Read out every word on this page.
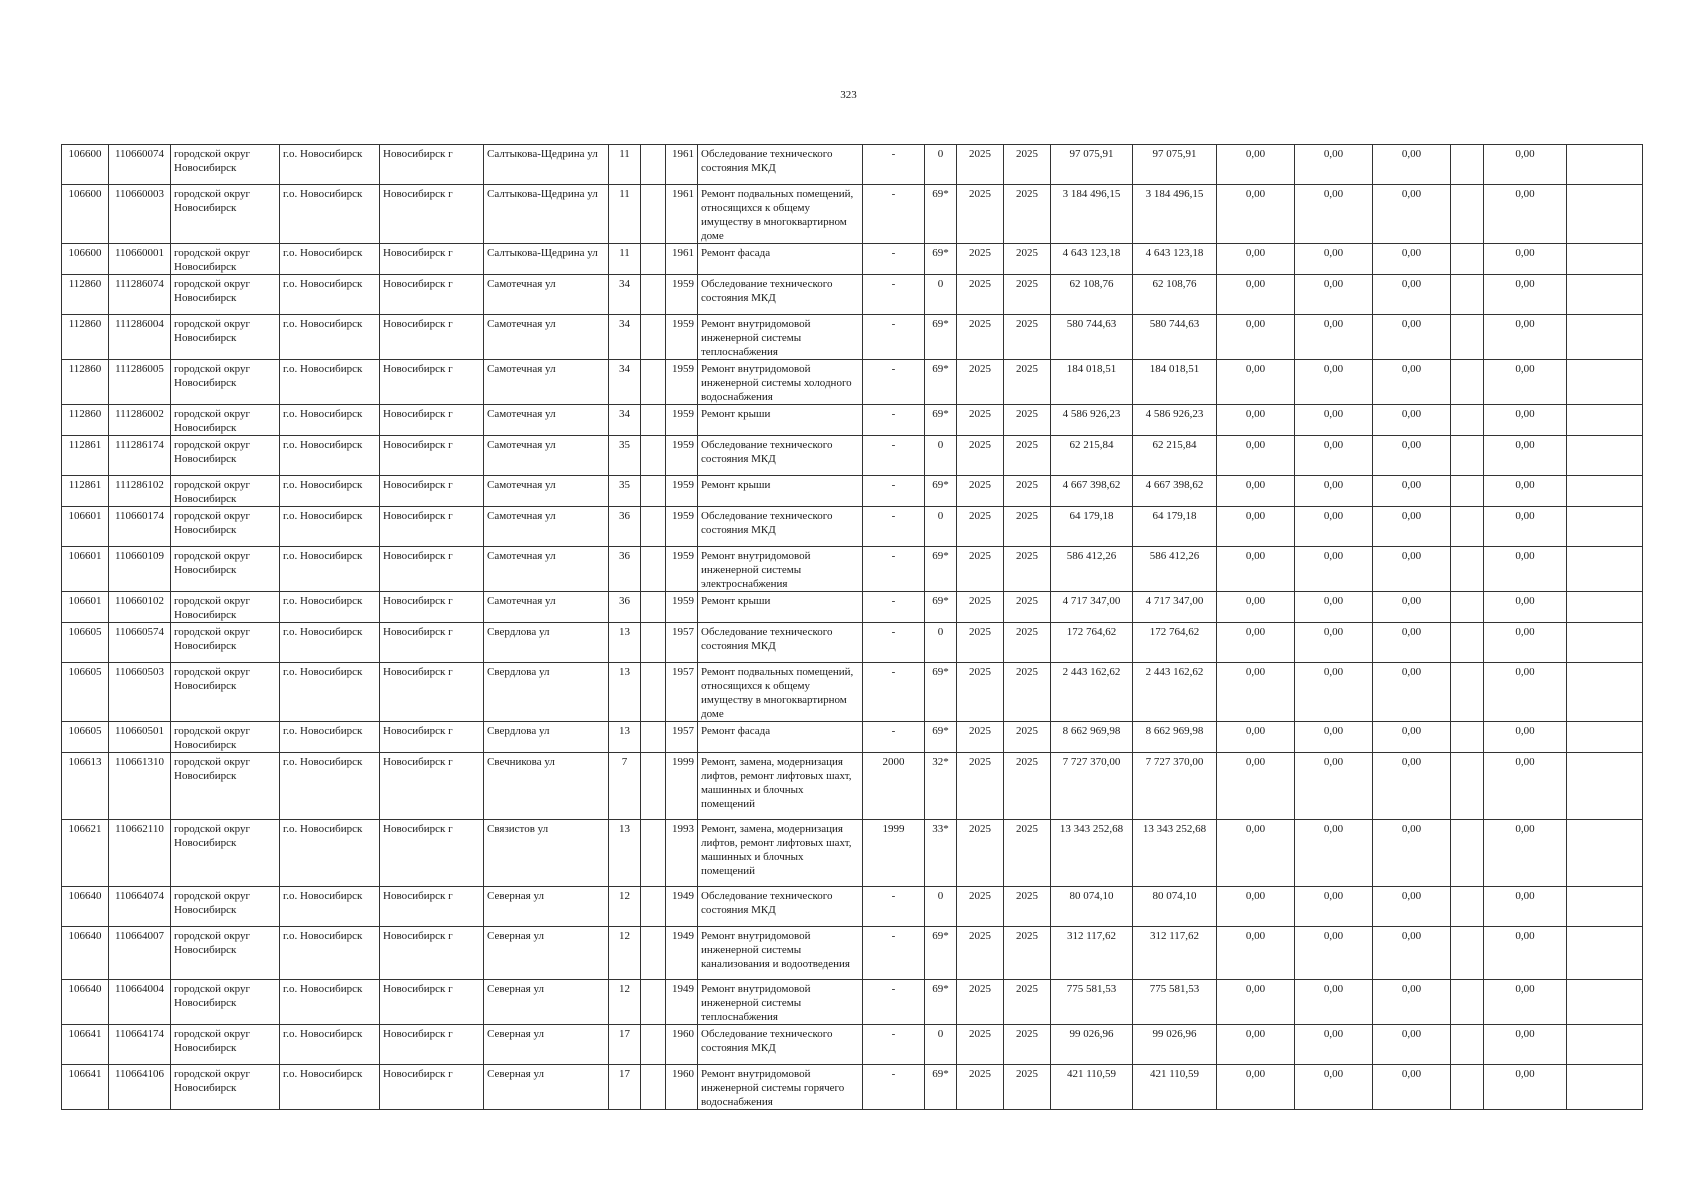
323
106600	110660074	городской округ Новосибирск	г.о. Новосибирск	Новосибирск г	Салтыкова-Щедрина ул	11		1961	Обследование технического состояния МКД	-	0	2025	2025	97 075,91	97 075,91	0,00	0,00	0,00		0,00	
106600	110660003	городской округ Новосибирск	г.о. Новосибирск	Новосибирск г	Салтыкова-Щедрина ул	11		1961	Ремонт подвальных помещений, относящихся к общему имуществу в многоквартирном доме	-	69*	2025	2025	3 184 496,15	3 184 496,15	0,00	0,00	0,00		0,00	
106600	110660001	городской округ Новосибирск	г.о. Новосибирск	Новосибирск г	Салтыкова-Щедрина ул	11		1961	Ремонт фасада	-	69*	2025	2025	4 643 123,18	4 643 123,18	0,00	0,00	0,00		0,00	
112860	111286074	городской округ Новосибирск	г.о. Новосибирск	Новосибирск г	Самотечная ул	34		1959	Обследование технического состояния МКД	-	0	2025	2025	62 108,76	62 108,76	0,00	0,00	0,00		0,00	
112860	111286004	городской округ Новосибирск	г.о. Новосибирск	Новосибирск г	Самотечная ул	34		1959	Ремонт внутридомовой инженерной системы теплоснабжения	-	69*	2025	2025	580 744,63	580 744,63	0,00	0,00	0,00		0,00	
112860	111286005	городской округ Новосибирск	г.о. Новосибирск	Новосибирск г	Самотечная ул	34		1959	Ремонт внутридомовой инженерной системы холодного водоснабжения	-	69*	2025	2025	184 018,51	184 018,51	0,00	0,00	0,00		0,00	
112860	111286002	городской округ Новосибирск	г.о. Новосибирск	Новосибирск г	Самотечная ул	34		1959	Ремонт крыши	-	69*	2025	2025	4 586 926,23	4 586 926,23	0,00	0,00	0,00		0,00	
112861	111286174	городской округ Новосибирск	г.о. Новосибирск	Новосибирск г	Самотечная ул	35		1959	Обследование технического состояния МКД	-	0	2025	2025	62 215,84	62 215,84	0,00	0,00	0,00		0,00	
112861	111286102	городской округ Новосибирск	г.о. Новосибирск	Новосибирск г	Самотечная ул	35		1959	Ремонт крыши	-	69*	2025	2025	4 667 398,62	4 667 398,62	0,00	0,00	0,00		0,00	
106601	110660174	городской округ Новосибирск	г.о. Новосибирск	Новосибирск г	Самотечная ул	36		1959	Обследование технического состояния МКД	-	0	2025	2025	64 179,18	64 179,18	0,00	0,00	0,00		0,00	
106601	110660109	городской округ Новосибирск	г.о. Новосибирск	Новосибирск г	Самотечная ул	36		1959	Ремонт внутридомовой инженерной системы электроснабжения	-	69*	2025	2025	586 412,26	586 412,26	0,00	0,00	0,00		0,00	
106601	110660102	городской округ Новосибирск	г.о. Новосибирск	Новосибирск г	Самотечная ул	36		1959	Ремонт крыши	-	69*	2025	2025	4 717 347,00	4 717 347,00	0,00	0,00	0,00		0,00	
106605	110660574	городской округ Новосибирск	г.о. Новосибирск	Новосибирск г	Свердлова ул	13		1957	Обследование технического состояния МКД	-	0	2025	2025	172 764,62	172 764,62	0,00	0,00	0,00		0,00	
106605	110660503	городской округ Новосибирск	г.о. Новосибирск	Новосибирск г	Свердлова ул	13		1957	Ремонт подвальных помещений, относящихся к общему имуществу в многоквартирном доме	-	69*	2025	2025	2 443 162,62	2 443 162,62	0,00	0,00	0,00		0,00	
106605	110660501	городской округ Новосибирск	г.о. Новосибирск	Новосибирск г	Свердлова ул	13		1957	Ремонт фасада	-	69*	2025	2025	8 662 969,98	8 662 969,98	0,00	0,00	0,00		0,00	
106613	110661310	городской округ Новосибирск	г.о. Новосибирск	Новосибирск г	Свечникова ул	7		1999	Ремонт, замена, модернизация лифтов, ремонт лифтовых шахт, машинных и блочных помещений	2000	32*	2025	2025	7 727 370,00	7 727 370,00	0,00	0,00	0,00		0,00	
106621	110662110	городской округ Новосибирск	г.о. Новосибирск	Новосибирск г	Связистов ул	13		1993	Ремонт, замена, модернизация лифтов, ремонт лифтовых шахт, машинных и блочных помещений	1999	33*	2025	2025	13 343 252,68	13 343 252,68	0,00	0,00	0,00		0,00	
106640	110664074	городской округ Новосибирск	г.о. Новосибирск	Новосибирск г	Северная ул	12		1949	Обследование технического состояния МКД	-	0	2025	2025	80 074,10	80 074,10	0,00	0,00	0,00		0,00	
106640	110664007	городской округ Новосибирск	г.о. Новосибирск	Новосибирск г	Северная ул	12		1949	Ремонт внутридомовой инженерной системы канализования и водоотведения	-	69*	2025	2025	312 117,62	312 117,62	0,00	0,00	0,00		0,00	
106640	110664004	городской округ Новосибирск	г.о. Новосибирск	Новосибирск г	Северная ул	12		1949	Ремонт внутридомовой инженерной системы теплоснабжения	-	69*	2025	2025	775 581,53	775 581,53	0,00	0,00	0,00		0,00	
106641	110664174	городской округ Новосибирск	г.о. Новосибирск	Новосибирск г	Северная ул	17		1960	Обследование технического состояния МКД	-	0	2025	2025	99 026,96	99 026,96	0,00	0,00	0,00		0,00	
106641	110664106	городской округ Новосибирск	г.о. Новосибирск	Новосибирск г	Северная ул	17		1960	Ремонт внутридомовой инженерной системы горячего водоснабжения	-	69*	2025	2025	421 110,59	421 110,59	0,00	0,00	0,00		0,00	
